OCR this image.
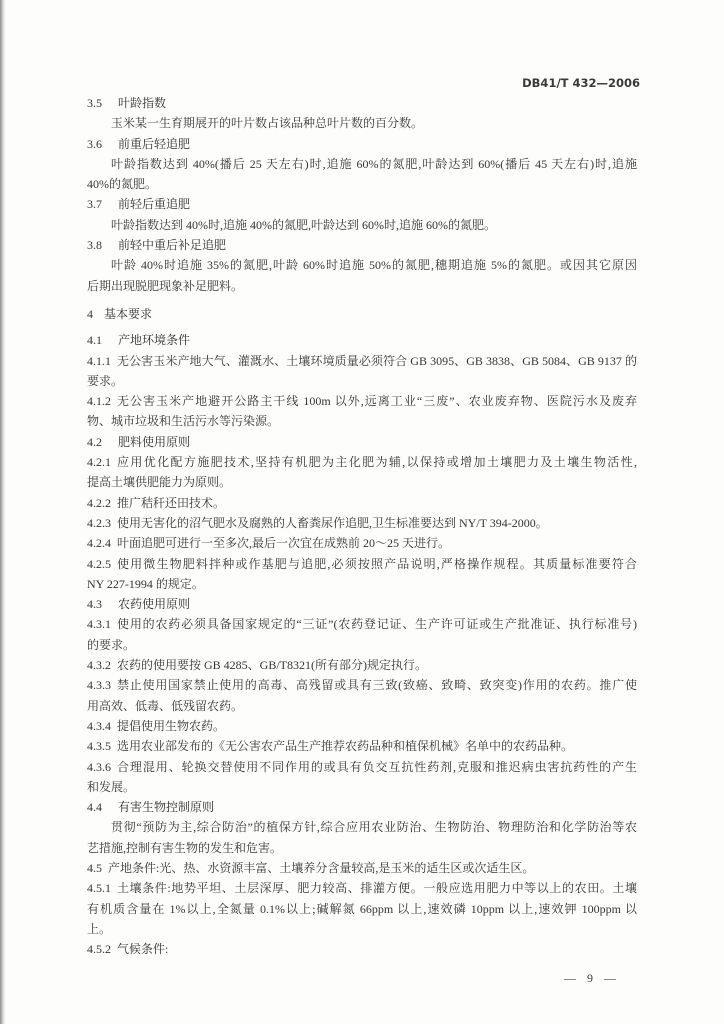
DB41/T 432—2006
3.5 叶龄指数
玉米某一生育期展开的叶片数占该品种总叶片数的百分数。
3.6 前重后轻追肥
叶龄指数达到 40%(播后 25 天左右)时,追施 60%的氮肥,叶龄达到 60%(播后 45 天左右)时,追施
40%的氮肥。
3.7 前轻后重追肥
叶龄指数达到 40%时,追施 40%的氮肥,叶龄达到 60%时,追施 60%的氮肥。
3.8 前轻中重后补足追肥
叶龄 40%时追施 35%的氮肥,叶龄 60%时追施 50%的氮肥,穗期追施 5%的氮肥。或因其它原因
后期出现脱肥现象补足肥料。
4 基本要求
4.1 产地环境条件
4.1.1 无公害玉米产地大气、灌溉水、土壤环境质量必须符合 GB 3095、GB 3838、GB 5084、GB 9137 的
要求。
4.1.2 无公害玉米产地避开公路主干线 100m 以外,远离工业“三废”、农业废弃物、医院污水及废弃
物、城市垃圾和生活污水等污染源。
4.2 肥料使用原则
4.2.1 应用优化配方施肥技术,坚持有机肥为主化肥为辅,以保持或增加土壤肥力及土壤生物活性,
提高土壤供肥能力为原则。
4.2.2 推广秸秆还田技术。
4.2.3 使用无害化的沼气肥水及腐熟的人畜粪尿作追肥,卫生标准要达到 NY/T 394-2000。
4.2.4 叶面追肥可进行一至多次,最后一次宜在成熟前 20～25 天进行。
4.2.5 使用微生物肥料拌种或作基肥与追肥,必须按照产品说明,严格操作规程。其质量标准要符合
NY 227-1994 的规定。
4.3 农药使用原则
4.3.1 使用的农药必须具备国家规定的“三证”(农药登记证、生产许可证或生产批准证、执行标准号)
的要求。
4.3.2 农药的使用要按 GB 4285、GB/T8321(所有部分)规定执行。
4.3.3 禁止使用国家禁止使用的高毒、高残留或具有三致(致癌、致畸、致突变)作用的农药。推广使
用高效、低毒、低残留农药。
4.3.4 提倡使用生物农药。
4.3.5 选用农业部发布的《无公害农产品生产推荐农药品种和植保机械》名单中的农药品种。
4.3.6 合理混用、轮换交替使用不同作用的或具有负交互抗性药剂,克服和推迟病虫害抗药性的产生
和发展。
4.4 有害生物控制原则
贯彻“预防为主,综合防治”的植保方针,综合应用农业防治、生物防治、物理防治和化学防治等农
艺措施,控制有害生物的发生和危害。
4.5 产地条件:光、热、水资源丰富、土壤养分含量较高,是玉米的适生区或次适生区。
4.5.1 土壤条件:地势平坦、土层深厚、肥力较高、排灌方便。一般应选用肥力中等以上的农田。土壤
有机质含量在 1%以上,全氮量 0.1%以上;碱解氮 66ppm 以上,速效磷 10ppm 以上,速效钾 100ppm 以
上。
4.5.2 气候条件:
— 9 —
